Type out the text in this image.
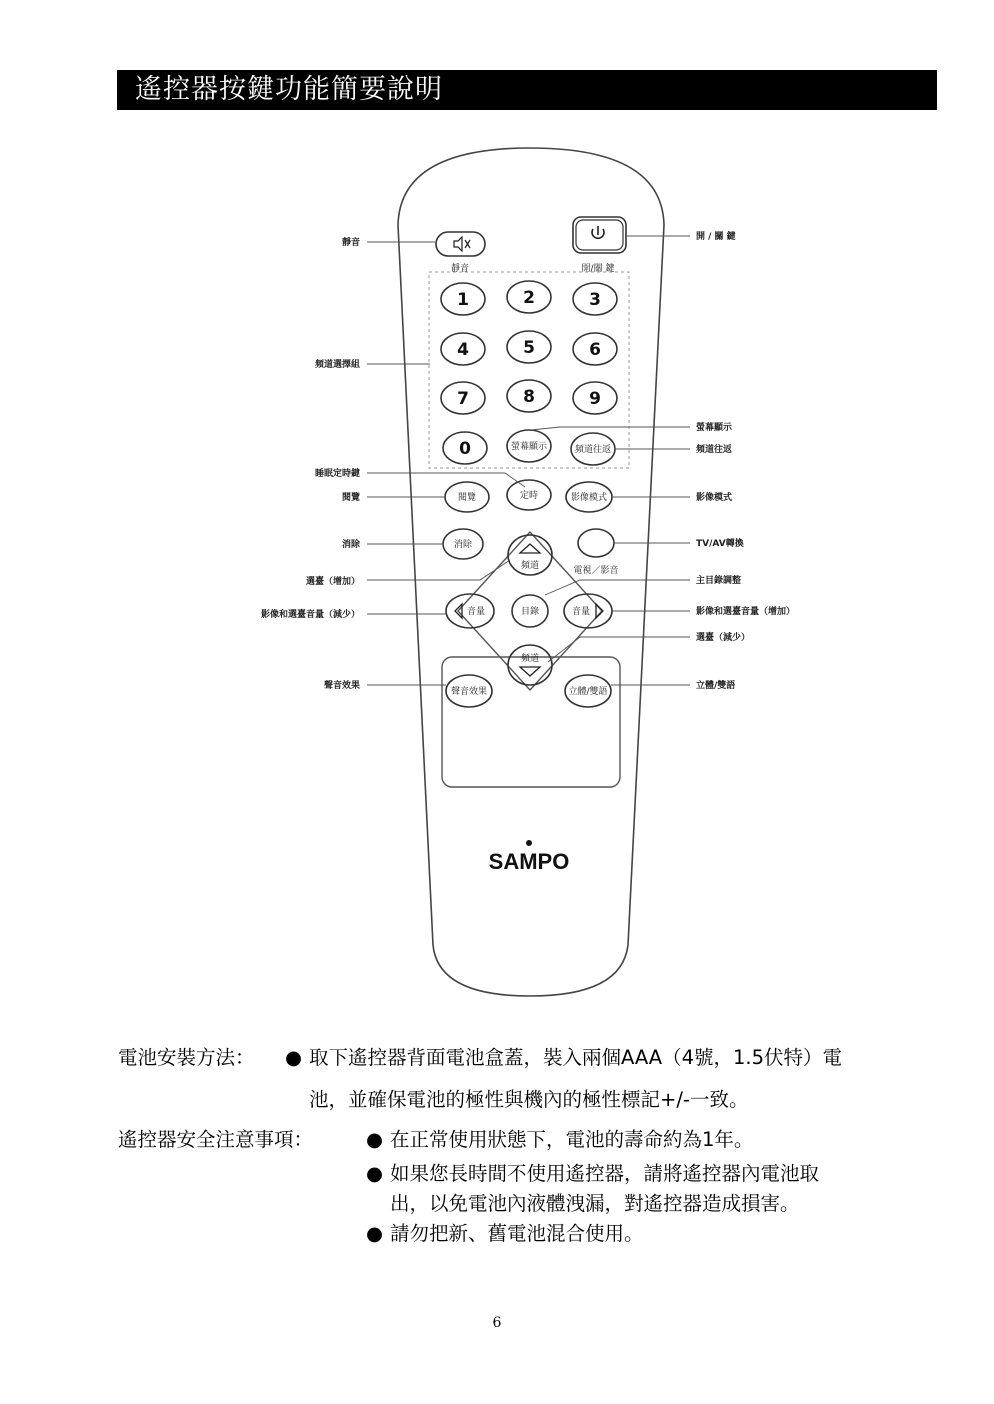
遙控器按鍵功能簡要說明
開/關 鍵
靜音
1	2	3
4	5	6
7	8	9
0	螢幕顯示	頻道往返
閱覽	定時	影像模式
消除
電視／影音
頻道
音量	目錄	音量
頻道
聲音效果	立體/雙語
SAMPO
靜音
頻道選擇組
睡眠定時鍵
閱覽
消除
選臺（增加）
影像和選臺音量（減少）
聲音效果
開 / 關 鍵
螢幕顯示
頻道往返
影像模式
TV/AV轉換
主目錄調整
影像和選臺音量（增加）
選臺（減少）
立體/雙語
電池安裝方法： ● 取下遙控器背面電池盒蓋，裝入兩個AAA（4號，1.5伏特）電
池，並確保電池的極性與機內的極性標記+/-一致。
遙控器安全注意事項：	● 在正常使用狀態下，電池的壽命約為1年。
● 如果您長時間不使用遙控器，請將遙控器內電池取
出，以免電池內液體洩漏，對遙控器造成損害。
● 請勿把新、舊電池混合使用。
6
